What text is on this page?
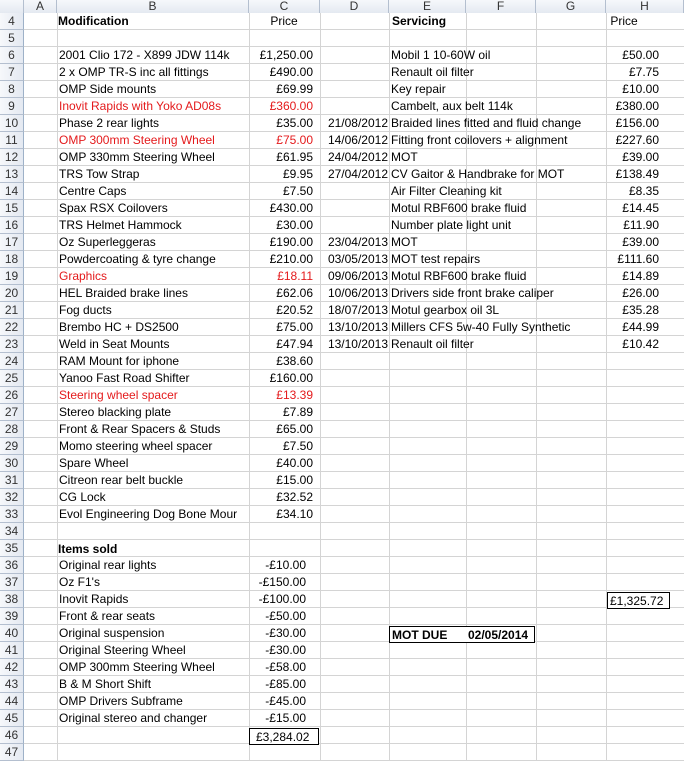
A	B	C	D	E	F	G	H
4
5
6
7
8
9
10
11
12
13
14
15
16
17
18
19
20
21
22
23
24
25
26
27
28
29
30
31
32
33
34
35
36
37
38
39
40
41
42
43
44
45
46
47
Modification	Price	Servicing	Price
Items sold
£3,284.02
£1,325.72
MOT DUE 02/05/2014
2001 Clio 172 - X899 JDW 114k	£1,250.00
2 x OMP TR-S inc all fittings	£490.00
OMP Side mounts	£69.99
Inovit Rapids with Yoko AD08s	£360.00
Phase 2 rear lights	£35.00
OMP 300mm Steering Wheel	£75.00
OMP 330mm Steering Wheel	£61.95
TRS Tow Strap	£9.95
Centre Caps	£7.50
Spax RSX Coilovers	£430.00
TRS Helmet Hammock	£30.00
Oz Superleggeras	£190.00
Powdercoating & tyre change	£210.00
Graphics	£18.11
HEL Braided brake lines	£62.06
Fog ducts	£20.52
Brembo HC + DS2500	£75.00
Weld in Seat Mounts	£47.94
RAM Mount for iphone	£38.60
Yanoo Fast Road Shifter	£160.00
Steering wheel spacer	£13.39
Stereo blacking plate	£7.89
Front & Rear Spacers & Studs	£65.00
Momo steering wheel spacer	£7.50
Spare Wheel	£40.00
Citreon rear belt buckle	£15.00
CG Lock	£32.52
Evol Engineering Dog Bone Mour	£34.10
Original rear lights	-£10.00
Oz F1's	-£150.00
Inovit Rapids	-£100.00
Front & rear seats	-£50.00
Original suspension	-£30.00
Original Steering Wheel	-£30.00
OMP 300mm Steering Wheel	-£58.00
B & M Short Shift	-£85.00
OMP Drivers Subframe	-£45.00
Original stereo and changer	-£15.00
Mobil 1 10-60W oil	£50.00
Renault oil filter	£7.75
Key repair	£10.00
Cambelt, aux belt 114k	£380.00
21/08/2012 Braided lines fitted and fluid change	£156.00
14/06/2012 Fitting front coilovers + alignment	£227.60
24/04/2012 MOT	£39.00
27/04/2012 CV Gaitor & Handbrake for MOT	£138.49
Air Filter Cleaning kit	£8.35
Motul RBF600 brake fluid	£14.45
Number plate light unit	£11.90
23/04/2013 MOT	£39.00
03/05/2013 MOT test repairs	£111.60
09/06/2013 Motul RBF600 brake fluid	£14.89
10/06/2013 Drivers side front brake caliper	£26.00
18/07/2013 Motul gearbox oil 3L	£35.28
13/10/2013 Millers CFS 5w-40 Fully Synthetic	£44.99
13/10/2013 Renault oil filter	£10.42
